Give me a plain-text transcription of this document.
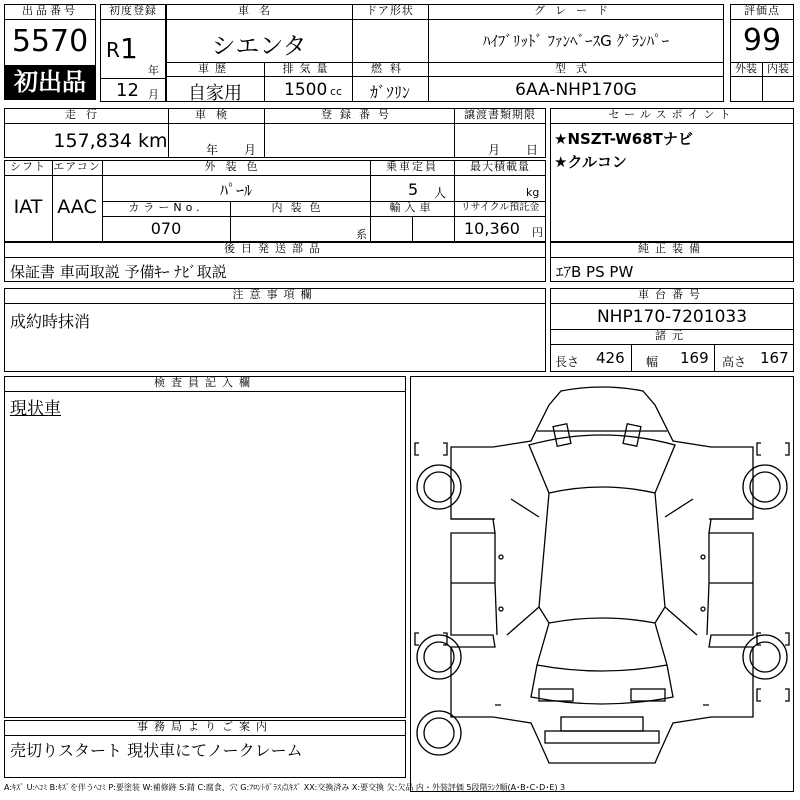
出品番号
5570
初出品
初度登録
R 1
年
12 月
車名
シエンタ
ドア形状	グレード
ﾊｲﾌﾞﾘｯﾄﾞ ﾌｧﾝﾍﾞｰｽG ｸﾞﾗﾝﾊﾟｰ
車歴
自家用
排気量
1500 cc
燃料
ｶﾞｿﾘﾝ
型式
6AA-NHP170G
評価点
99
外装 内装
走行
157,834 km
車検
年 月
登録番号	譲渡書類期限
月 日
セールスポイント
★NSZT-W68Tナビ
★クルコン
シフト
IAT
エアコン
AAC
外装色
ﾊﾟｰﾙ
乗車定員
5 人
最大積載量
kg
カラーNo.
070
内装色
系
輸入車	リサイクル預託金
10,360 円
後日発送部品
保証書 車両取説 予備ｷｰ ﾅﾋﾞ取説
純正装備
ｴｱB PS PW
注意事項欄
成約時抹消
車台番号
NHP170-7201033
諸元
長さ 426 幅 169 高さ 167
検査員記入欄
現状車
事務局よりご案内
売切りスタート 現状車にてノークレーム
A:ｷｽﾞ U:ﾍｺﾐ B:ｷｽﾞを伴うﾍｺﾐ P:要塗装 W:補修跡 S:錆 C:腐食、穴 G:ﾌﾛﾝﾄｶﾞﾗｽ点ｷｽﾞ XX:交換済み X:要交換 欠:欠品 内・外装評価 5段階ﾗﾝｸ順(A･B･C･D･E) 3
